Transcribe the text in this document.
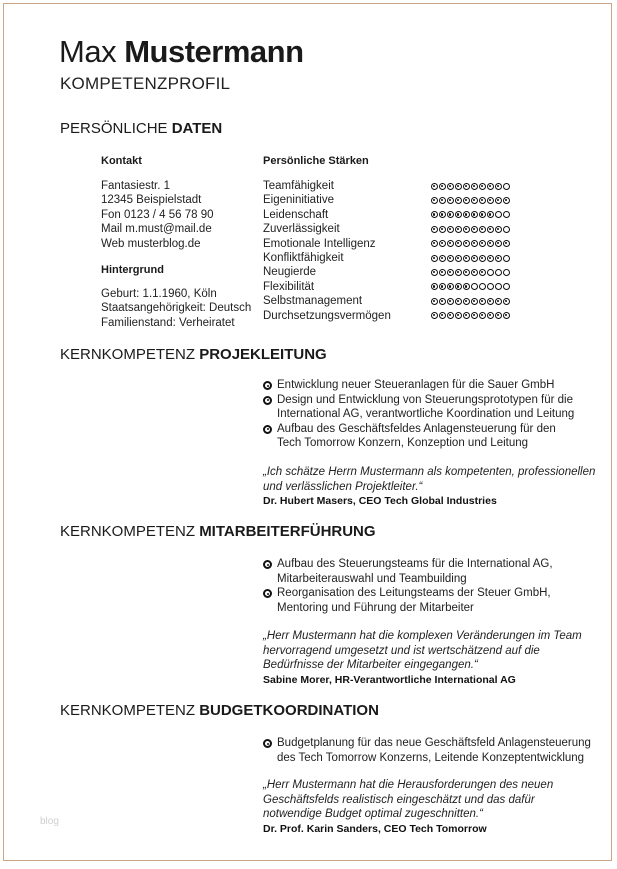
Max Mustermann
KOMPETENZPROFIL
PERSÖNLICHE DATEN
Kontakt
Fantasiestr. 1
12345 Beispielstadt
Fon 0123 / 4 56 78 90
Mail m.must@mail.de
Web musterblog.de
Hintergrund
Geburt: 1.1.1960, Köln
Staatsangehörigkeit: Deutsch
Familienstand: Verheiratet
Persönliche Stärken
Teamfähigkeit
Eigeninitiative
Leidenschaft
Zuverlässigkeit
Emotionale Intelligenz
Konfliktfähigkeit
Neugierde
Flexibilität
Selbstmanagement
Durchsetzungsvermögen
KERNKOMPETENZ PROJEKLEITUNG
Entwicklung neuer Steueranlagen für die Sauer GmbH
Design und Entwicklung von Steuerungsprototypen für die
International AG, verantwortliche Koordination und Leitung
Aufbau des Geschäftsfeldes Anlagensteuerung für den
Tech Tomorrow Konzern, Konzeption und Leitung
„Ich schätze Herrn Mustermann als kompetenten, professionellen
und verlässlichen Projektleiter.“
Dr. Hubert Masers, CEO Tech Global Industries
KERNKOMPETENZ MITARBEITERFÜHRUNG
Aufbau des Steuerungsteams für die International AG,
Mitarbeiterauswahl und Teambuilding
Reorganisation des Leitungsteams der Steuer GmbH,
Mentoring und Führung der Mitarbeiter
„Herr Mustermann hat die komplexen Veränderungen im Team
hervorragend umgesetzt und ist wertschätzend auf die
Bedürfnisse der Mitarbeiter eingegangen.“
Sabine Morer, HR-Verantwortliche International AG
KERNKOMPETENZ BUDGETKOORDINATION
Budgetplanung für das neue Geschäftsfeld Anlagensteuerung
des Tech Tomorrow Konzerns, Leitende Konzeptentwicklung
„Herr Mustermann hat die Herausforderungen des neuen
Geschäftsfelds realistisch eingeschätzt und das dafür
notwendige Budget optimal zugeschnitten.“
Dr. Prof. Karin Sanders, CEO Tech Tomorrow
blog
